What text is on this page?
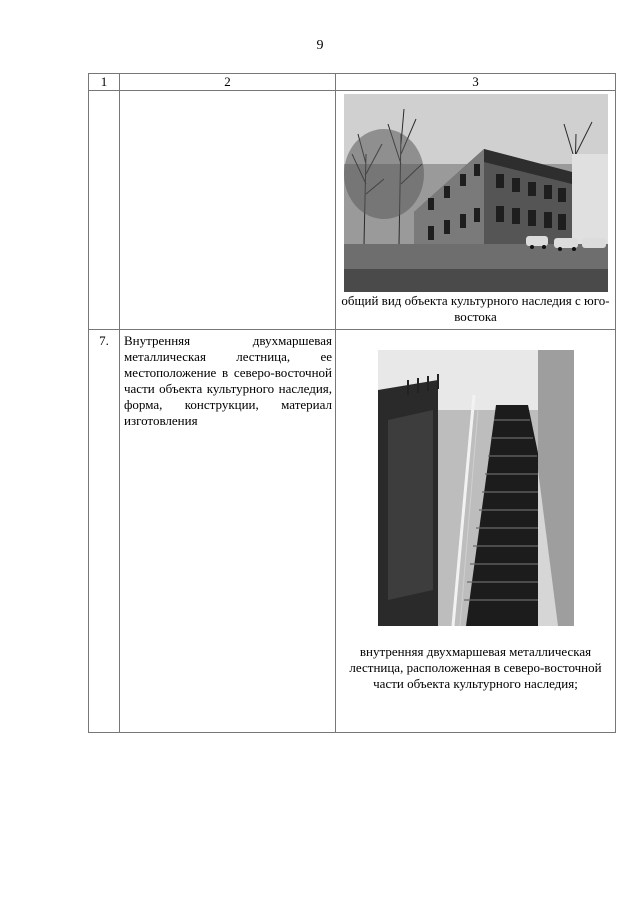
9
1	2	3

		общий вид объекта культурного наследия с юго-востока

7.	Внутренняя двухмаршевая металлическая лестница, ее местоположение в северо-восточной части объекта культурного наследия, форма, конструкции, материал изготовления	внутренняя двухмаршевая металлическая лестница, расположенная в северо-восточной части объекта культурного наследия;
